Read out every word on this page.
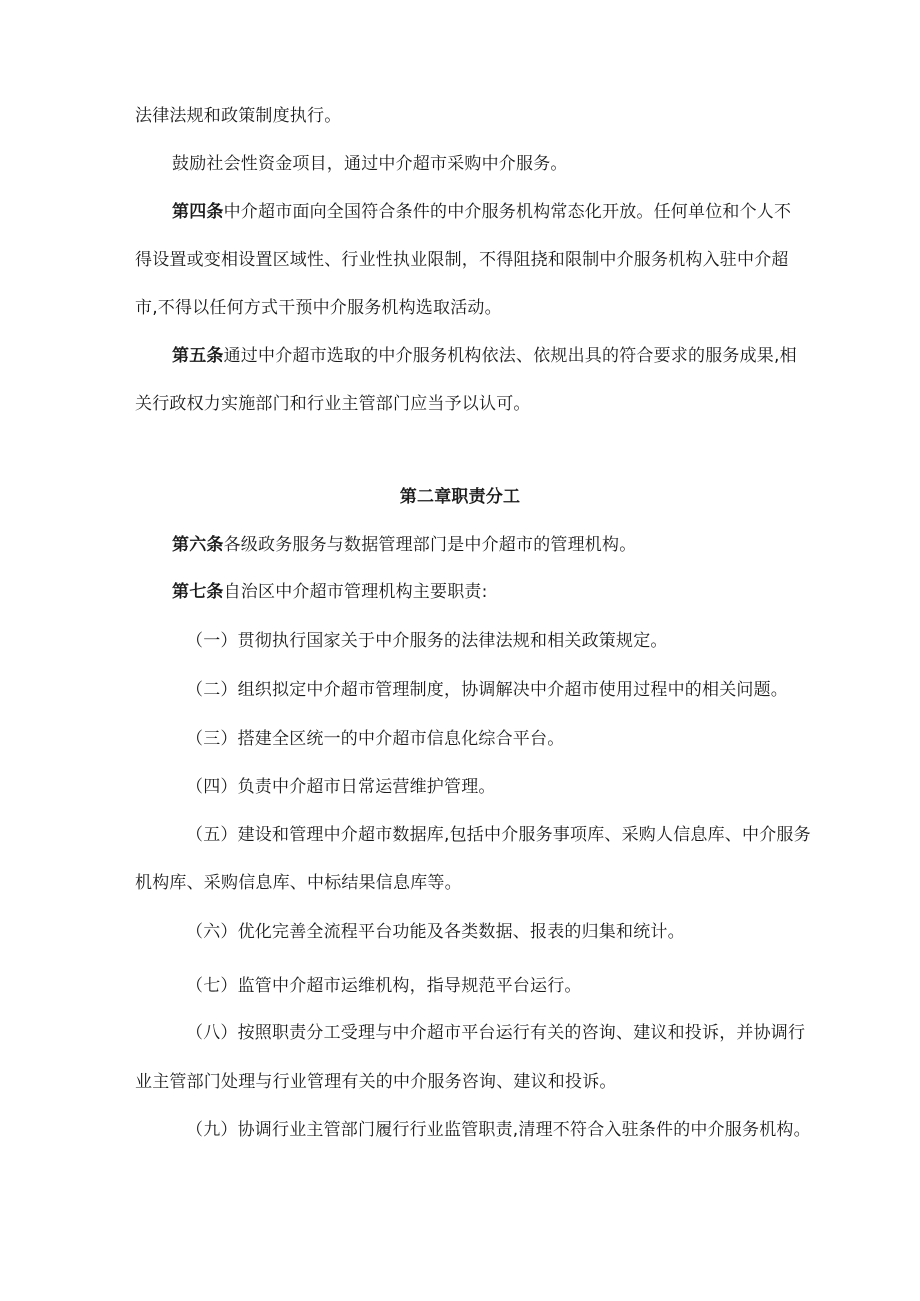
法律法规和政策制度执行。
鼓励社会性资金项目，通过中介超市采购中介服务。
第四条中介超市面向全国符合条件的中介服务机构常态化开放。任何单位和个人不
得设置或变相设置区域性、行业性执业限制，不得阻挠和限制中介服务机构入驻中介超
市,不得以任何方式干预中介服务机构选取活动。
第五条通过中介超市选取的中介服务机构依法、依规出具的符合要求的服务成果,相
关行政权力实施部门和行业主管部门应当予以认可。
第二章职责分工
第六条各级政务服务与数据管理部门是中介超市的管理机构。
第七条自治区中介超市管理机构主要职责:
（一）贯彻执行国家关于中介服务的法律法规和相关政策规定。
（二）组织拟定中介超市管理制度，协调解决中介超市使用过程中的相关问题。
（三）搭建全区统一的中介超市信息化综合平台。
（四）负责中介超市日常运营维护管理。
（五）建设和管理中介超市数据库,包括中介服务事项库、采购人信息库、中介服务
机构库、采购信息库、中标结果信息库等。
（六）优化完善全流程平台功能及各类数据、报表的归集和统计。
（七）监管中介超市运维机构，指导规范平台运行。
（八）按照职责分工受理与中介超市平台运行有关的咨询、建议和投诉，并协调行
业主管部门处理与行业管理有关的中介服务咨询、建议和投诉。
（九）协调行业主管部门履行行业监管职责,清理不符合入驻条件的中介服务机构。
